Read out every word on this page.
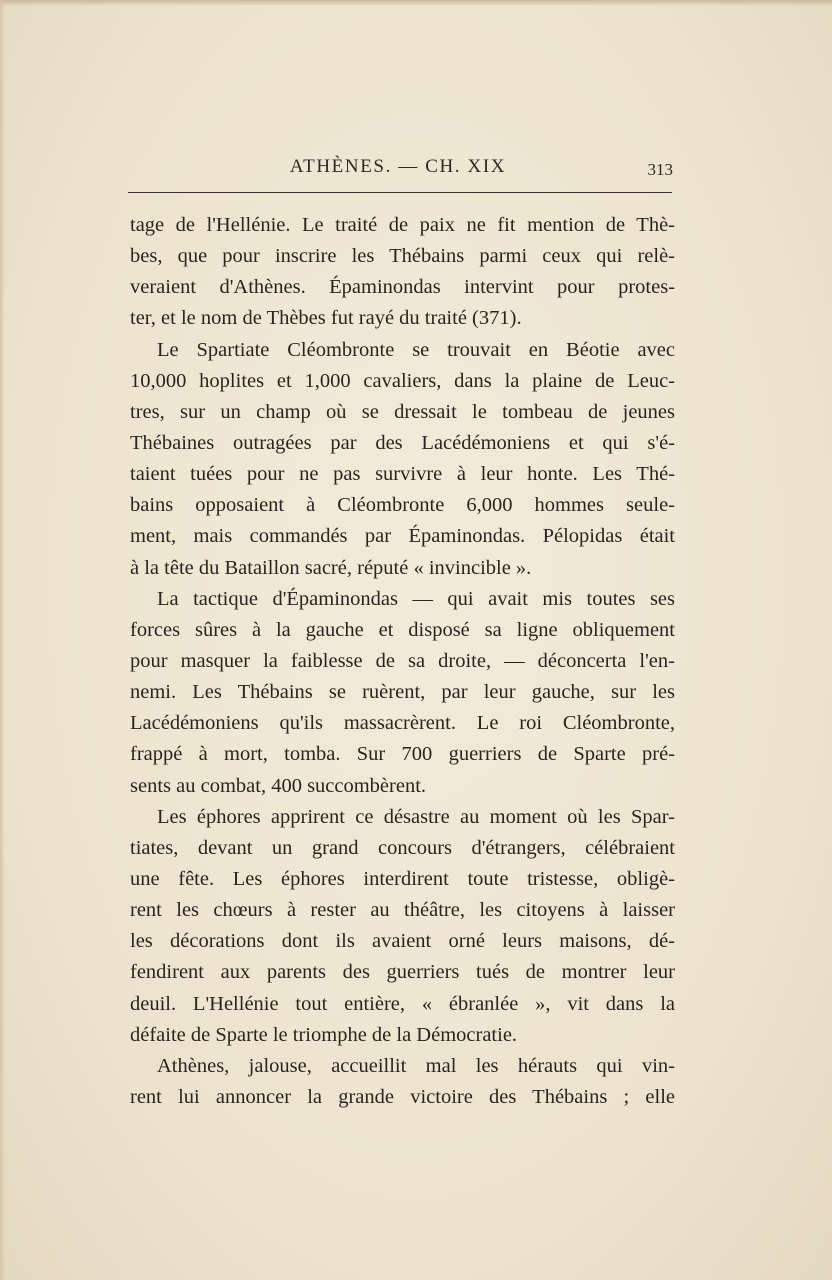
ATHÈNES. — CH. XIX	313
tage de l'Hellénie. Le traité de paix ne fit mention de Thè-
bes, que pour inscrire les Thébains parmi ceux qui relè-
veraient d'Athènes. Épaminondas intervint pour protes-
ter, et le nom de Thèbes fut rayé du traité (371).
Le Spartiate Cléombronte se trouvait en Béotie avec
10,000 hoplites et 1,000 cavaliers, dans la plaine de Leuc-
tres, sur un champ où se dressait le tombeau de jeunes
Thébaines outragées par des Lacédémoniens et qui s'é-
taient tuées pour ne pas survivre à leur honte. Les Thé-
bains opposaient à Cléombronte 6,000 hommes seule-
ment, mais commandés par Épaminondas. Pélopidas était
à la tête du Bataillon sacré, réputé « invincible ».
La tactique d'Épaminondas — qui avait mis toutes ses
forces sûres à la gauche et disposé sa ligne obliquement
pour masquer la faiblesse de sa droite, — déconcerta l'en-
nemi. Les Thébains se ruèrent, par leur gauche, sur les
Lacédémoniens qu'ils massacrèrent. Le roi Cléombronte,
frappé à mort, tomba. Sur 700 guerriers de Sparte pré-
sents au combat, 400 succombèrent.
Les éphores apprirent ce désastre au moment où les Spar-
tiates, devant un grand concours d'étrangers, célébraient
une fête. Les éphores interdirent toute tristesse, obligè-
rent les chœurs à rester au théâtre, les citoyens à laisser
les décorations dont ils avaient orné leurs maisons, dé-
fendirent aux parents des guerriers tués de montrer leur
deuil. L'Hellénie tout entière, « ébranlée », vit dans la
défaite de Sparte le triomphe de la Démocratie.
Athènes, jalouse, accueillit mal les hérauts qui vin-
rent lui annoncer la grande victoire des Thébains ; elle
